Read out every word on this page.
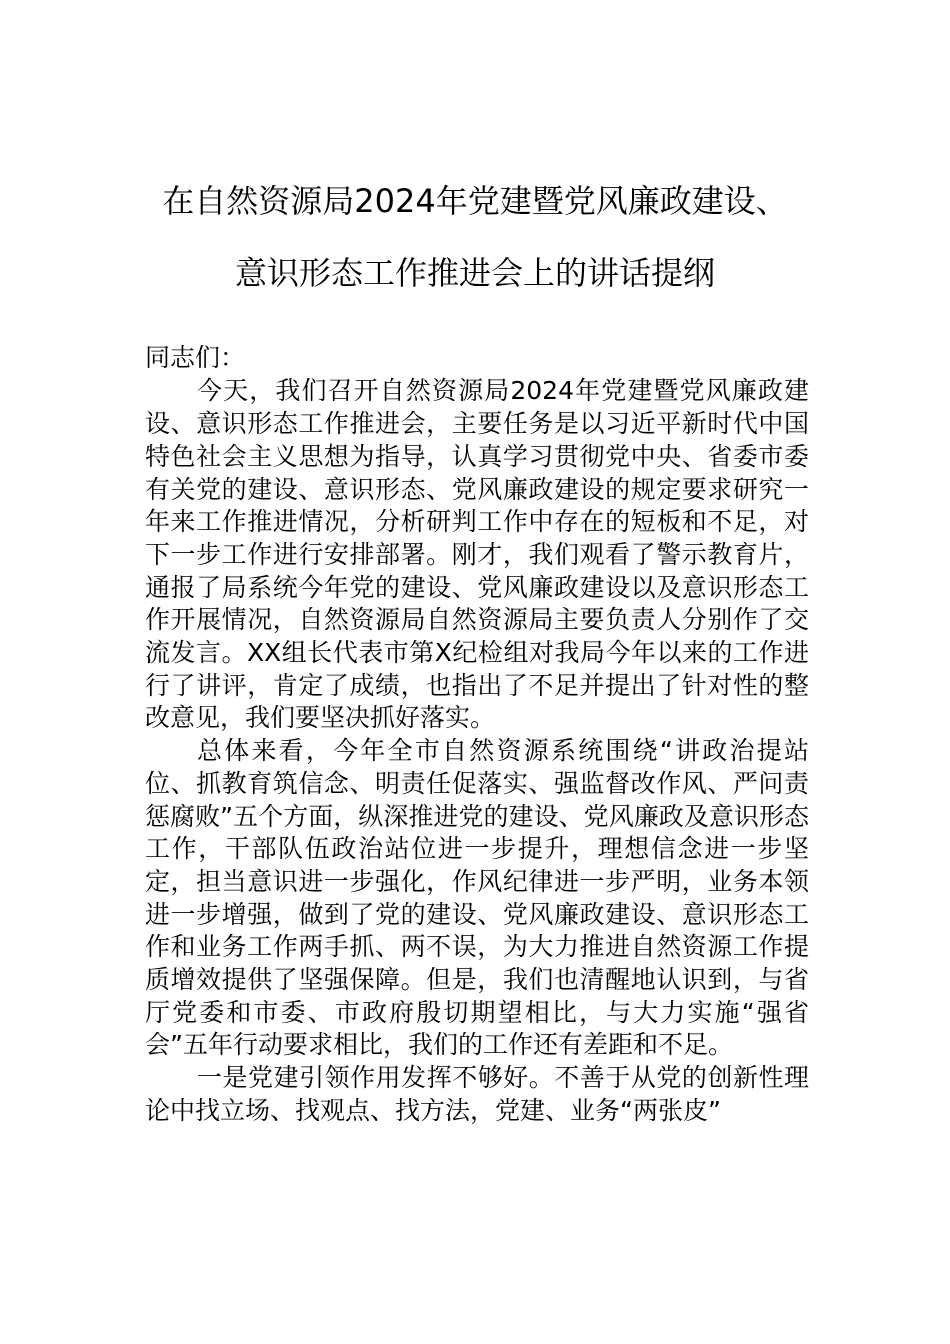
在自然资源局2024年党建暨党风廉政建设、
意识形态工作推进会上的讲话提纲

同志们：

今天，我们召开自然资源局2024年党建暨党风廉政建设、意识形态工作推进会，主要任务是以习近平新时代中国特色社会主义思想为指导，认真学习贯彻党中央、省委市委有关党的建设、意识形态、党风廉政建设的规定要求研究一年来工作推进情况，分析研判工作中存在的短板和不足，对下一步工作进行安排部署。刚才，我们观看了警示教育片，通报了局系统今年党的建设、党风廉政建设以及意识形态工作开展情况，自然资源局自然资源局主要负责人分别作了交流发言。XX组长代表市第X纪检组对我局今年以来的工作进行了讲评，肯定了成绩，也指出了不足并提出了针对性的整改意见，我们要坚决抓好落实。

总体来看，今年全市自然资源系统围绕“讲政治提站位、抓教育筑信念、明责任促落实、强监督改作风、严问责惩腐败”五个方面，纵深推进党的建设、党风廉政及意识形态工作，干部队伍政治站位进一步提升，理想信念进一步坚定，担当意识进一步强化，作风纪律进一步严明，业务本领进一步增强，做到了党的建设、党风廉政建设、意识形态工作和业务工作两手抓、两不误，为大力推进自然资源工作提质增效提供了坚强保障。但是，我们也清醒地认识到，与省厅党委和市委、市政府殷切期望相比，与大力实施“强省会”五年行动要求相比，我们的工作还有差距和不足。

一是党建引领作用发挥不够好。不善于从党的创新性理论中找立场、找观点、找方法，党建、业务“两张皮”
